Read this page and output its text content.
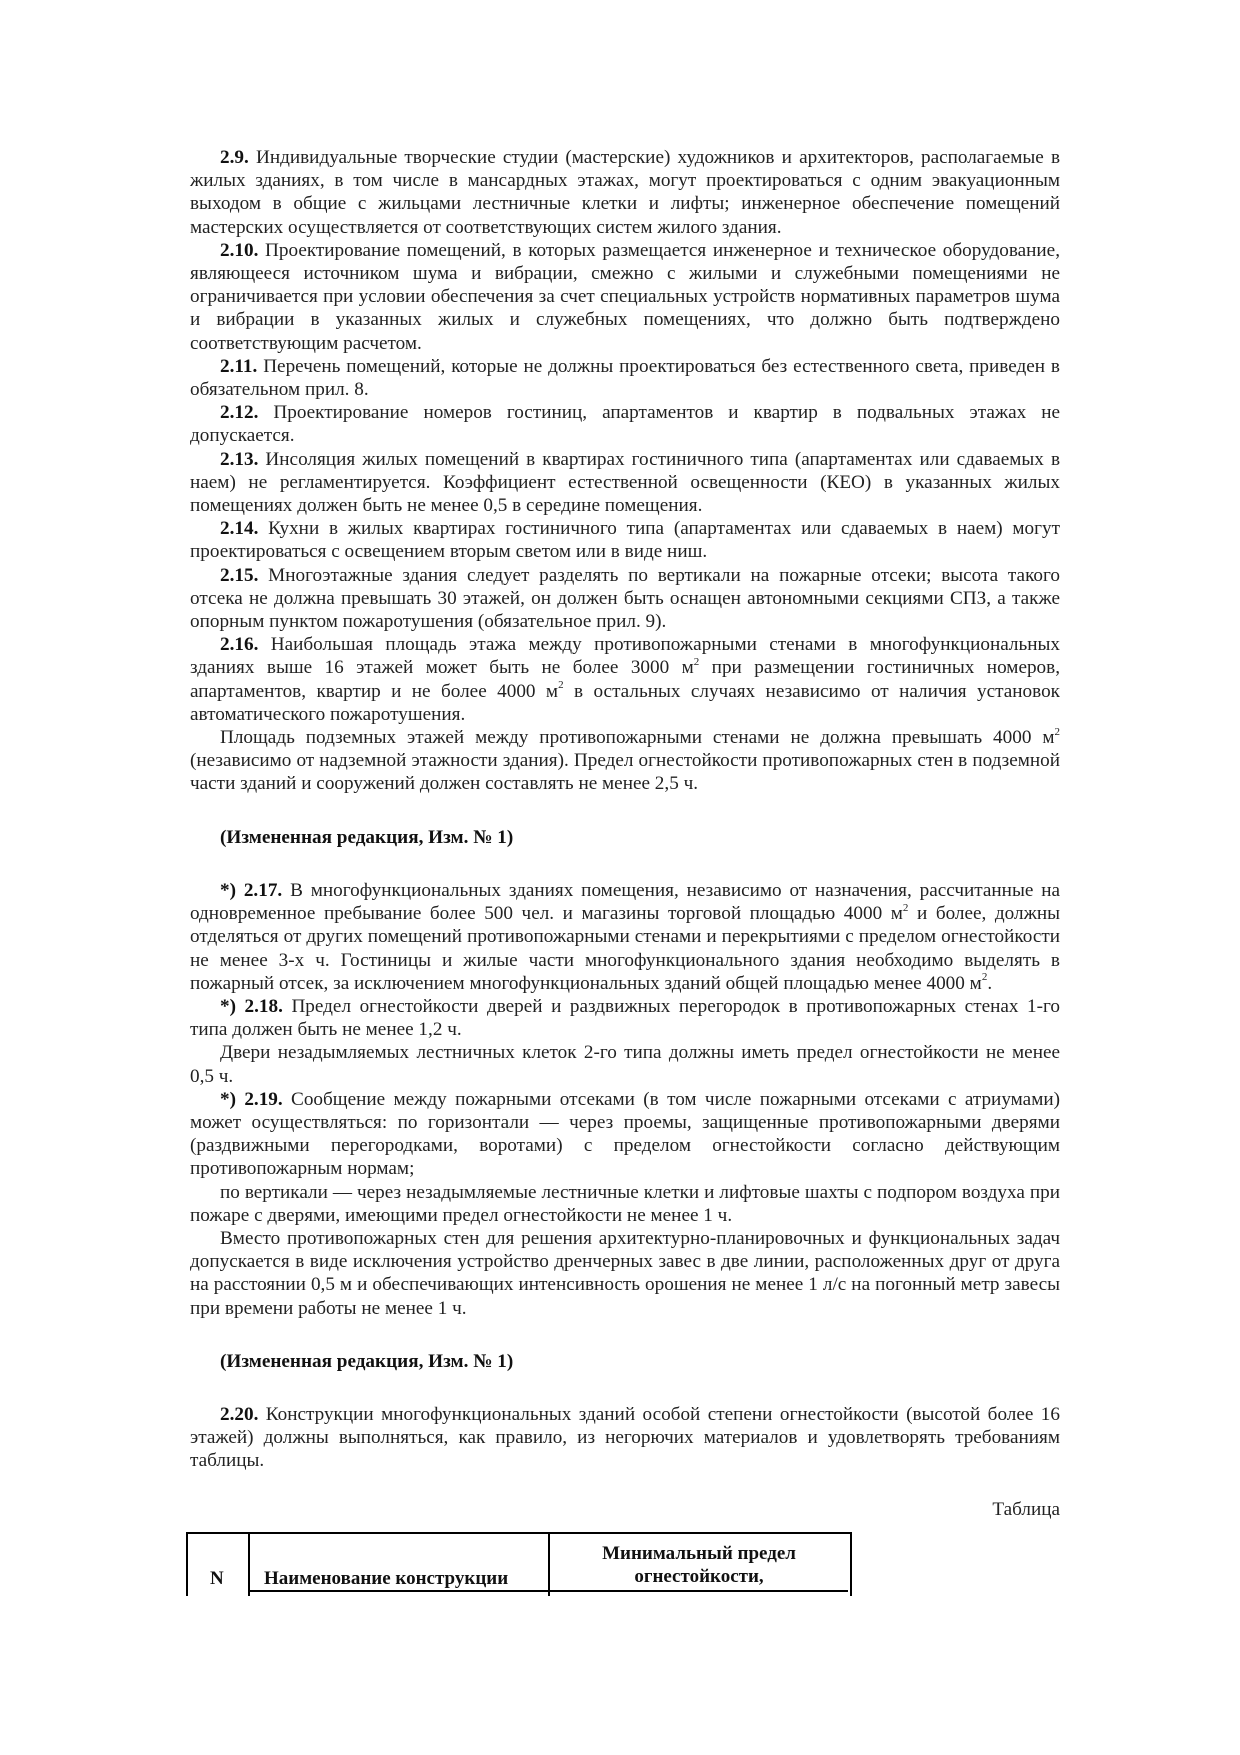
2.9. Индивидуальные творческие студии (мастерские) художников и архитекторов, располагаемые в жилых зданиях, в том числе в мансардных этажах, могут проектироваться с одним эвакуационным выходом в общие с жильцами лестничные клетки и лифты; инженерное обеспечение помещений мастерских осуществляется от соответствующих систем жилого здания.

2.10. Проектирование помещений, в которых размещается инженерное и техническое оборудование, являющееся источником шума и вибрации, смежно с жилыми и служебными помещениями не ограничивается при условии обеспечения за счет специальных устройств нормативных параметров шума и вибрации в указанных жилых и служебных помещениях, что должно быть подтверждено соответствующим расчетом.

2.11. Перечень помещений, которые не должны проектироваться без естественного света, приведен в обязательном прил. 8.

2.12. Проектирование номеров гостиниц, апартаментов и квартир в подвальных этажах не допускается.

2.13. Инсоляция жилых помещений в квартирах гостиничного типа (апартаментах или сдаваемых в наем) не регламентируется. Коэффициент естественной освещенности (КЕО) в указанных жилых помещениях должен быть не менее 0,5 в середине помещения.

2.14. Кухни в жилых квартирах гостиничного типа (апартаментах или сдаваемых в наем) могут проектироваться с освещением вторым светом или в виде ниш.

2.15. Многоэтажные здания следует разделять по вертикали на пожарные отсеки; высота такого отсека не должна превышать 30 этажей, он должен быть оснащен автономными секциями СПЗ, а также опорным пунктом пожаротушения (обязательное прил. 9).

2.16. Наибольшая площадь этажа между противопожарными стенами в многофункциональных зданиях выше 16 этажей может быть не более 3000 $м^2$ при размещении гостиничных номеров, апартаментов, квартир и не более 4000 $м^2$ в остальных случаях независимо от наличия установок автоматического пожаротушения.

Площадь подземных этажей между противопожарными стенами не должна превышать 4000 $м^2$ (независимо от надземной этажности здания). Предел огнестойкости противопожарных стен в подземной части зданий и сооружений должен составлять не менее 2,5 ч.

(Измененная редакция, Изм. № 1)

*) 2.17. В многофункциональных зданиях помещения, независимо от назначения, рассчитанные на одновременное пребывание более 500 чел. и магазины торговой площадью 4000 $м^2$ и более, должны отделяться от других помещений противопожарными стенами и перекрытиями с пределом огнестойкости не менее 3-х ч. Гостиницы и жилые части многофункционального здания необходимо выделять в пожарный отсек, за исключением многофункциональных зданий общей площадью менее 4000 $м^2$.

*) 2.18. Предел огнестойкости дверей и раздвижных перегородок в противопожарных стенах 1-го типа должен быть не менее 1,2 ч.

Двери незадымляемых лестничных клеток 2-го типа должны иметь предел огнестойкости не менее 0,5 ч.

*) 2.19. Сообщение между пожарными отсеками (в том числе пожарными отсеками с атриумами) может осуществляться: по горизонтали — через проемы, защищенные противопожарными дверями (раздвижными перегородками, воротами) с пределом огнестойкости согласно действующим противопожарным нормам;

по вертикали — через незадымляемые лестничные клетки и лифтовые шахты с подпором воздуха при пожаре с дверями, имеющими предел огнестойкости не менее 1 ч.

Вместо противопожарных стен для решения архитектурно-планировочных и функциональных задач допускается в виде исключения устройство дренчерных завес в две линии, расположенных друг от друга на расстоянии 0,5 м и обеспечивающих интенсивность орошения не менее 1 л/с на погонный метр завесы при времени работы не менее 1 ч.

(Измененная редакция, Изм. № 1)

2.20. Конструкции многофункциональных зданий особой степени огнестойкости (высотой более 16 этажей) должны выполняться, как правило, из негорючих материалов и удовлетворять требованиям таблицы.

Таблица
N Наименование конструкции
Минимальный предел огнестойкости,
